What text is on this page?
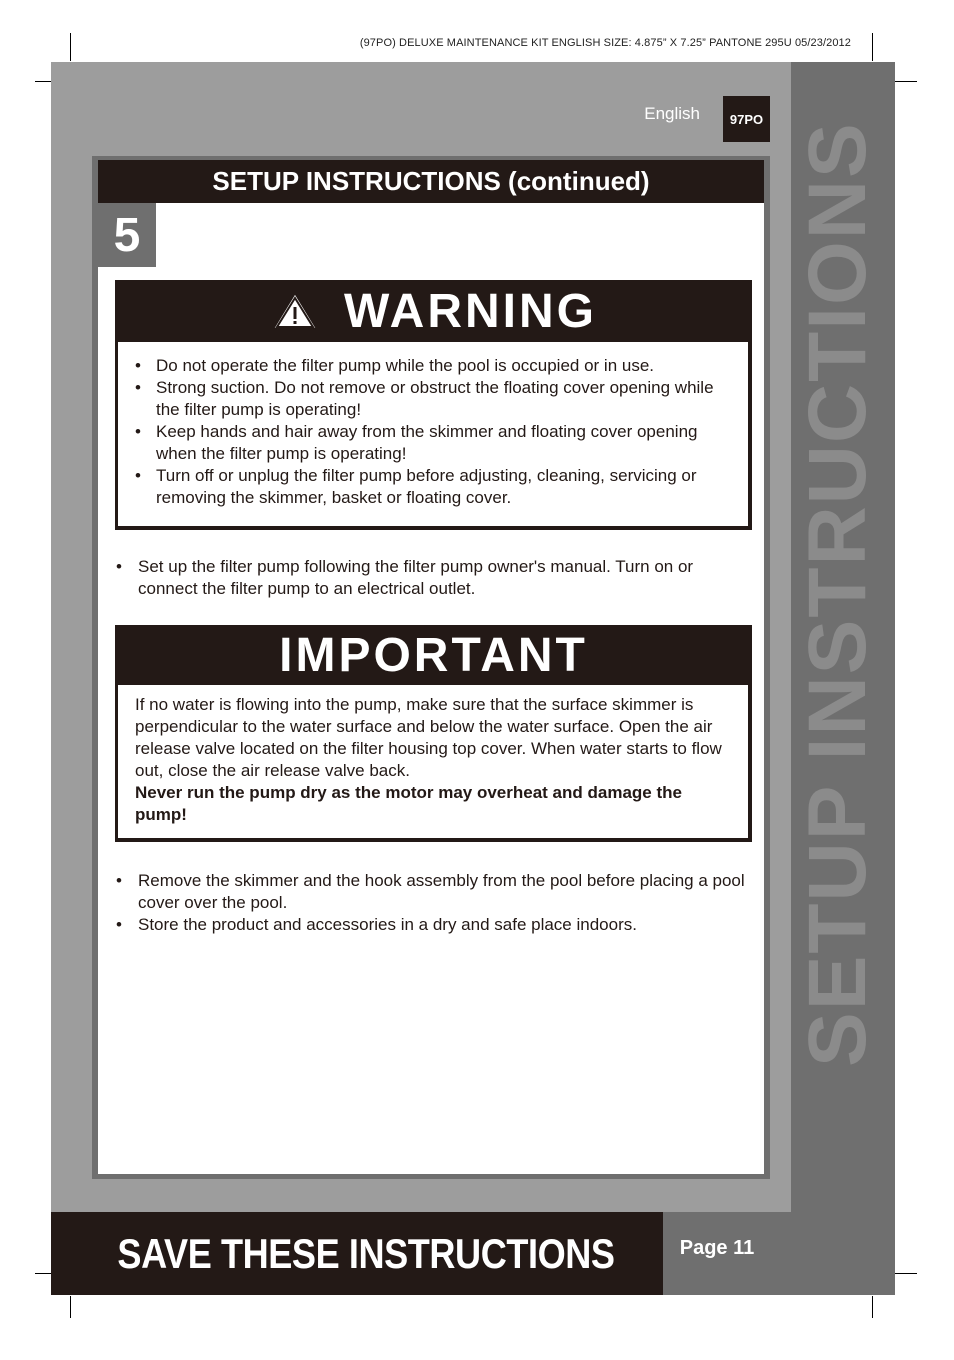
(97PO) DELUXE MAINTENANCE KIT ENGLISH SIZE: 4.875” X 7.25” PANTONE 295U 05/23/2012
SETUP INSTRUCTIONS
English	97PO
SETUP INSTRUCTIONS (continued)
5
WARNING
• Do not operate the filter pump while the pool is occupied or in use.
• Strong suction. Do not remove or obstruct the floating cover opening while the filter pump is operating!
• Keep hands and hair away from the skimmer and floating cover opening when the filter pump is operating!
• Turn off or unplug the filter pump before adjusting, cleaning, servicing or removing the skimmer, basket or floating cover.
• Set up the filter pump following the filter pump owner's manual. Turn on or connect the filter pump to an electrical outlet.
IMPORTANT

If no water is flowing into the pump, make sure that the surface skimmer is perpendicular to the water surface and below the water surface. Open the air release valve located on the filter housing top cover. When water starts to flow out, close the air release valve back.

Never run the pump dry as the motor may overheat and damage the pump!

• Remove the skimmer and the hook assembly from the pool before placing a pool cover over the pool.
• Store the product and accessories in a dry and safe place indoors.
SAVE THESE INSTRUCTIONS	Page 11
